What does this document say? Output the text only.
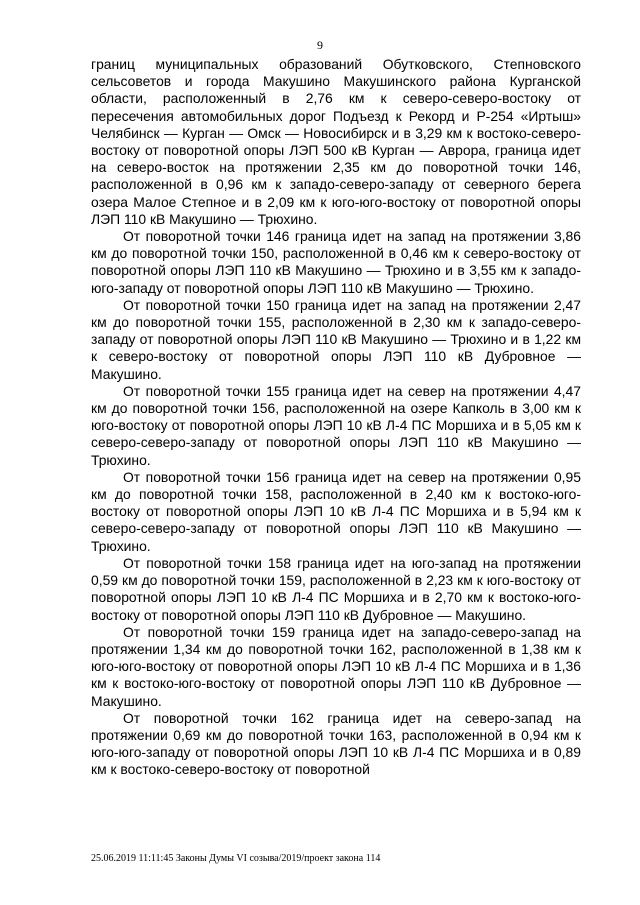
9

границ муниципальных образований Обутковского, Степновского сельсоветов и города Макушино Макушинского района Курганской области, расположенный в 2,76 км к северо-северо-востоку от пересечения автомобильных дорог Подъезд к Рекорд и Р-254 «Иртыш» Челябинск — Курган — Омск — Новосибирск и в 3,29 км к востоко-северо-востоку от поворотной опоры ЛЭП 500 кВ Курган — Аврора, граница идет на северо-восток на протяжении 2,35 км до поворотной точки 146, расположенной в 0,96 км к западо-северо-западу от северного берега озера Малое Степное и в 2,09 км к юго-юго-востоку от поворотной опоры ЛЭП 110 кВ Макушино — Трюхино.

От поворотной точки 146 граница идет на запад на протяжении 3,86 км до поворотной точки 150, расположенной в 0,46 км к северо-востоку от поворотной опоры ЛЭП 110 кВ Макушино — Трюхино и в 3,55 км к западо-юго-западу от поворотной опоры ЛЭП 110 кВ Макушино — Трюхино.

От поворотной точки 150 граница идет на запад на протяжении 2,47 км до поворотной точки 155, расположенной в 2,30 км к западо-северо-западу от поворотной опоры ЛЭП 110 кВ Макушино — Трюхино и в 1,22 км к северо-востоку от поворотной опоры ЛЭП 110 кВ Дубровное — Макушино.

От поворотной точки 155 граница идет на север на протяжении 4,47 км до поворотной точки 156, расположенной на озере Капколь в 3,00 км к юго-востоку от поворотной опоры ЛЭП 10 кВ Л-4 ПС Моршиха и в 5,05 км к северо-северо-западу от поворотной опоры ЛЭП 110 кВ Макушино — Трюхино.

От поворотной точки 156 граница идет на север на протяжении 0,95 км до поворотной точки 158, расположенной в 2,40 км к востоко-юго-востоку от поворотной опоры ЛЭП 10 кВ Л-4 ПС Моршиха и в 5,94 км к северо-северо-западу от поворотной опоры ЛЭП 110 кВ Макушино — Трюхино.

От поворотной точки 158 граница идет на юго-запад на протяжении 0,59 км до поворотной точки 159, расположенной в 2,23 км к юго-востоку от поворотной опоры ЛЭП 10 кВ Л-4 ПС Моршиха и в 2,70 км к востоко-юго-востоку от поворотной опоры ЛЭП 110 кВ Дубровное — Макушино.

От поворотной точки 159 граница идет на западо-северо-запад на протяжении 1,34 км до поворотной точки 162, расположенной в 1,38 км к юго-юго-востоку от поворотной опоры ЛЭП 10 кВ Л-4 ПС Моршиха и в 1,36 км к востоко-юго-востоку от поворотной опоры ЛЭП 110 кВ Дубровное — Макушино.

От поворотной точки 162 граница идет на северо-запад на протяжении 0,69 км до поворотной точки 163, расположенной в 0,94 км к юго-юго-западу от поворотной опоры ЛЭП 10 кВ Л-4 ПС Моршиха и в 0,89 км к востоко-северо-востоку от поворотной

25.06.2019 11:11:45 Законы Думы VI созыва/2019/проект закона 114
